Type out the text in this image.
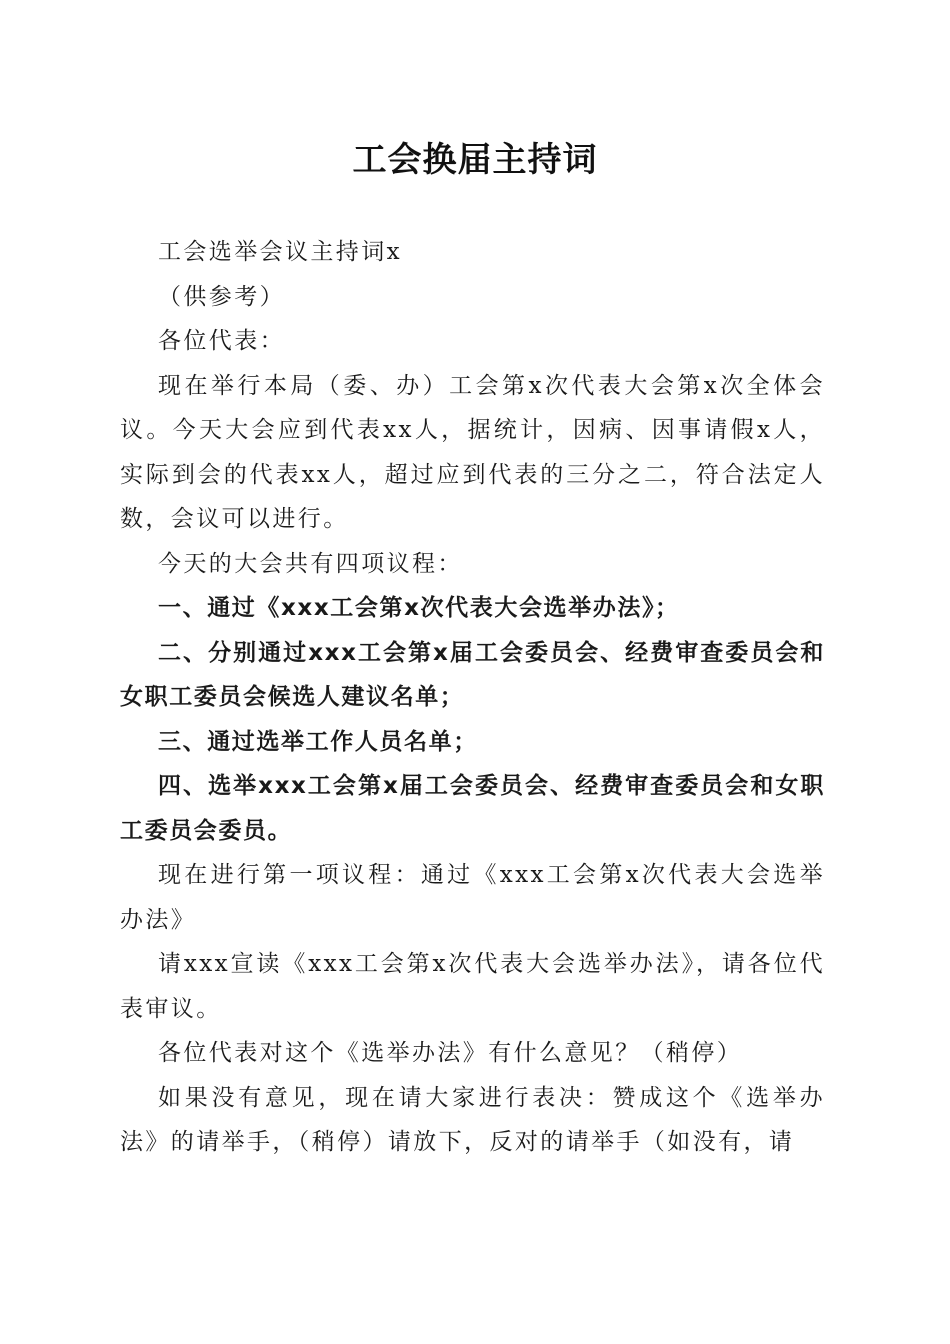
工会换届主持词

工会选举会议主持词x

（供参考）

各位代表：

现在举行本局（委、办）工会第x次代表大会第x次全体会议。今天大会应到代表xx人，据统计，因病、因事请假x人，实际到会的代表xx人，超过应到代表的三分之二，符合法定人数，会议可以进行。

今天的大会共有四项议程：

一、通过《xxx工会第x次代表大会选举办法》；

二、分别通过xxx工会第x届工会委员会、经费审查委员会和女职工委员会候选人建议名单；

三、通过选举工作人员名单；

四、选举xxx工会第x届工会委员会、经费审查委员会和女职工委员会委员。

现在进行第一项议程：通过《xxx工会第x次代表大会选举办法》

请xxx宣读《xxx工会第x次代表大会选举办法》，请各位代表审议。

各位代表对这个《选举办法》有什么意见？（稍停）

如果没有意见，现在请大家进行表决：赞成这个《选举办法》的请举手，（稍停）请放下，反对的请举手（如没有，请
